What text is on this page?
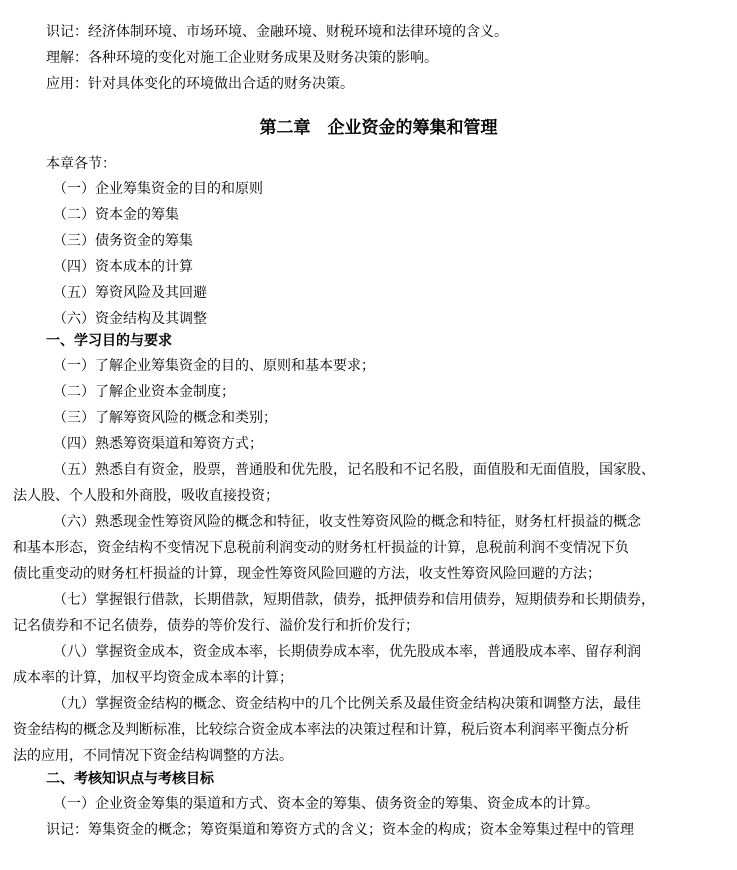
识记：经济体制环境、市场环境、金融环境、财税环境和法律环境的含义。
理解：各种环境的变化对施工企业财务成果及财务决策的影响。
应用：针对具体变化的环境做出合适的财务决策。
第二章　企业资金的筹集和管理
本章各节：
（一）企业筹集资金的目的和原则
（二）资本金的筹集
（三）债务资金的筹集
（四）资本成本的计算
（五）筹资风险及其回避
（六）资金结构及其调整
一、学习目的与要求
（一）了解企业筹集资金的目的、原则和基本要求；
（二）了解企业资本金制度；
（三）了解筹资风险的概念和类别；
（四）熟悉筹资渠道和筹资方式；
（五）熟悉自有资金，股票，普通股和优先股，记名股和不记名股，面值股和无面值股，国家股、
法人股、个人股和外商股，吸收直接投资；
（六）熟悉现金性筹资风险的概念和特征，收支性筹资风险的概念和特征，财务杠杆损益的概念
和基本形态，资金结构不变情况下息税前利润变动的财务杠杆损益的计算，息税前利润不变情况下负
债比重变动的财务杠杆损益的计算，现金性筹资风险回避的方法，收支性筹资风险回避的方法；
（七）掌握银行借款，长期借款，短期借款，债券，抵押债券和信用债券，短期债券和长期债券，
记名债券和不记名债券，债券的等价发行、溢价发行和折价发行；
（八）掌握资金成本，资金成本率，长期债券成本率，优先股成本率，普通股成本率、留存利润
成本率的计算，加权平均资金成本率的计算；
（九）掌握资金结构的概念、资金结构中的几个比例关系及最佳资金结构决策和调整方法，最佳
资金结构的概念及判断标准，比较综合资金成本率法的决策过程和计算，税后资本利润率平衡点分析
法的应用，不同情况下资金结构调整的方法。
二、考核知识点与考核目标
（一）企业资金筹集的渠道和方式、资本金的筹集、债务资金的筹集、资金成本的计算。
识记：筹集资金的概念；筹资渠道和筹资方式的含义；资本金的构成；资本金筹集过程中的管理
